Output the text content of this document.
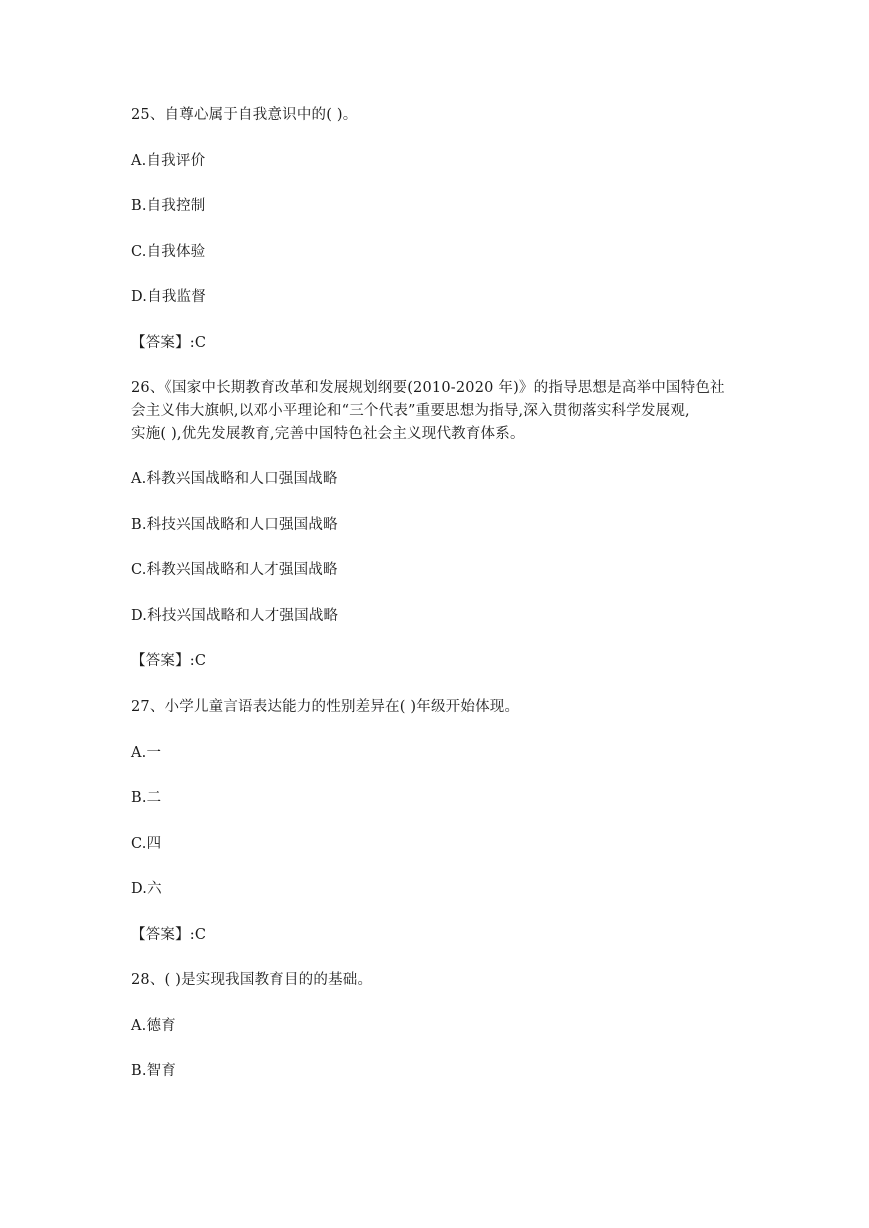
25、自尊心属于自我意识中的( )。
A.自我评价
B.自我控制
C.自我体验
D.自我监督
【答案】:C
26、《国家中长期教育改革和发展规划纲要(2010-2020 年)》的指导思想是高举中国特色社
会主义伟大旗帜,以邓小平理论和“三个代表”重要思想为指导,深入贯彻落实科学发展观,
实施( ),优先发展教育,完善中国特色社会主义现代教育体系。
A.科教兴国战略和人口强国战略
B.科技兴国战略和人口强国战略
C.科教兴国战略和人才强国战略
D.科技兴国战略和人才强国战略
【答案】:C
27、小学儿童言语表达能力的性别差异在( )年级开始体现。
A.一
B.二
C.四
D.六
【答案】:C
28、( )是实现我国教育目的的基础。
A.德育
B.智育
